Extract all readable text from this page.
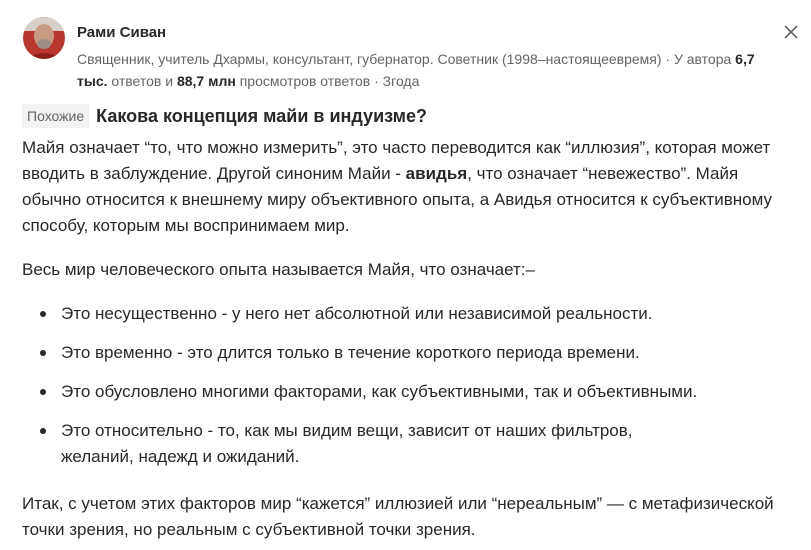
Рами Сиван

Священник, учитель Дхармы, консультант, губернатор. Советник (1998–настоящеевремя) · У автора 6,7 тыс. ответов и 88,7 млн просмотров ответов · Згода
Похожие Какова концепция майи в индуизме?

Майя означает “то, что можно измерить”, это часто переводится как “иллюзия”, которая может вводить в заблуждение. Другой синоним Майи - авидья, что означает “невежество”. Майя обычно относится к внешнему миру объективного опыта, а Авидья относится к субъективному способу, которым мы воспринимаем мир.

Весь мир человеческого опыта называется Майя, что означает:–

Это несущественно - у него нет абсолютной или независимой реальности.
Это временно - это длится только в течение короткого периода времени.
Это обусловлено многими факторами, как субъективными, так и объективными.
Это относительно - то, как мы видим вещи, зависит от наших фильтров, желаний, надежд и ожиданий.

Итак, с учетом этих факторов мир “кажется” иллюзией или “нереальным” — с метафизической точки зрения, но реальным с субъективной точки зрения.
